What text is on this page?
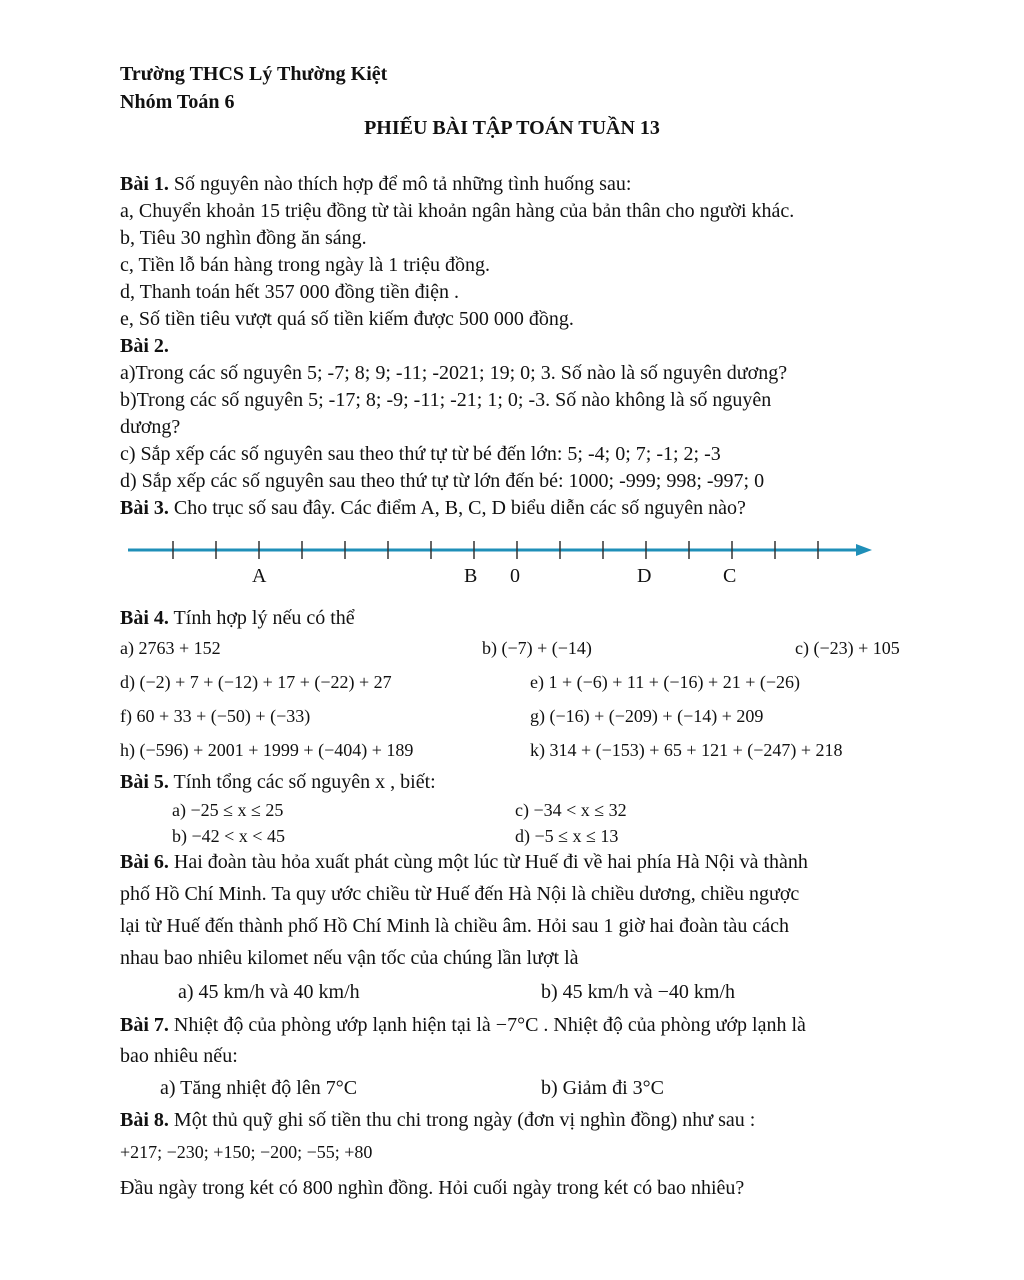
Trường THCS Lý Thường Kiệt
Nhóm Toán 6
PHIẾU BÀI TẬP TOÁN TUẦN 13
Bài 1. Số nguyên nào thích hợp để mô tả những tình huống sau:
a, Chuyển khoản 15 triệu đồng từ tài khoản ngân hàng của bản thân cho người khác.
b, Tiêu 30 nghìn đồng ăn sáng.
c, Tiền lỗ bán hàng trong ngày là 1 triệu đồng.
d, Thanh toán hết 357 000 đồng tiền điện .
e, Số tiền tiêu vượt quá số tiền kiếm được 500 000 đồng.
Bài 2.
a)Trong các số nguyên 5; -7; 8; 9; -11; -2021; 19; 0; 3. Số nào là số nguyên dương?
b)Trong các số nguyên 5; -17; 8; -9; -11; -21; 1; 0; -3. Số nào không là số nguyên
dương?
c) Sắp xếp các số nguyên sau theo thứ tự từ bé đến lớn: 5; -4; 0; 7; -1; 2; -3
d) Sắp xếp các số nguyên sau theo thứ tự từ lớn đến bé: 1000; -999; 998; -997; 0
Bài 3. Cho trục số sau đây. Các điểm A, B, C, D biểu diễn các số nguyên nào?
A	B 0	D	C
Bài 4. Tính hợp lý nếu có thể
a) 2763 + 152	b) (−7) + (−14)	c) (−23) + 105
d) (−2) + 7 + (−12) + 17 + (−22) + 27	e) 1 + (−6) + 11 + (−16) + 21 + (−26)
f) 60 + 33 + (−50) + (−33)	g) (−16) + (−209) + (−14) + 209
h) (−596) + 2001 + 1999 + (−404) + 189	k) 314 + (−153) + 65 + 121 + (−247) + 218
Bài 5. Tính tổng các số nguyên x , biết:
a) −25 ≤ x ≤ 25	c) −34 < x ≤ 32
b) −42 < x < 45	d) −5 ≤ x ≤ 13
Bài 6. Hai đoàn tàu hỏa xuất phát cùng một lúc từ Huế đi về hai phía Hà Nội và thành
phố Hồ Chí Minh. Ta quy ước chiều từ Huế đến Hà Nội là chiều dương, chiều ngược
lại từ Huế đến thành phố Hồ Chí Minh là chiều âm. Hỏi sau 1 giờ hai đoàn tàu cách
nhau bao nhiêu kilomet nếu vận tốc của chúng lần lượt là
a) 45 km/h và 40 km/h	b) 45 km/h và −40 km/h
Bài 7. Nhiệt độ của phòng ướp lạnh hiện tại là −7°C . Nhiệt độ của phòng ướp lạnh là
bao nhiêu nếu:
a) Tăng nhiệt độ lên 7°C	b) Giảm đi 3°C
Bài 8. Một thủ quỹ ghi số tiền thu chi trong ngày (đơn vị nghìn đồng) như sau :
+217; −230; +150; −200; −55; +80
Đầu ngày trong két có 800 nghìn đồng. Hỏi cuối ngày trong két có bao nhiêu?
